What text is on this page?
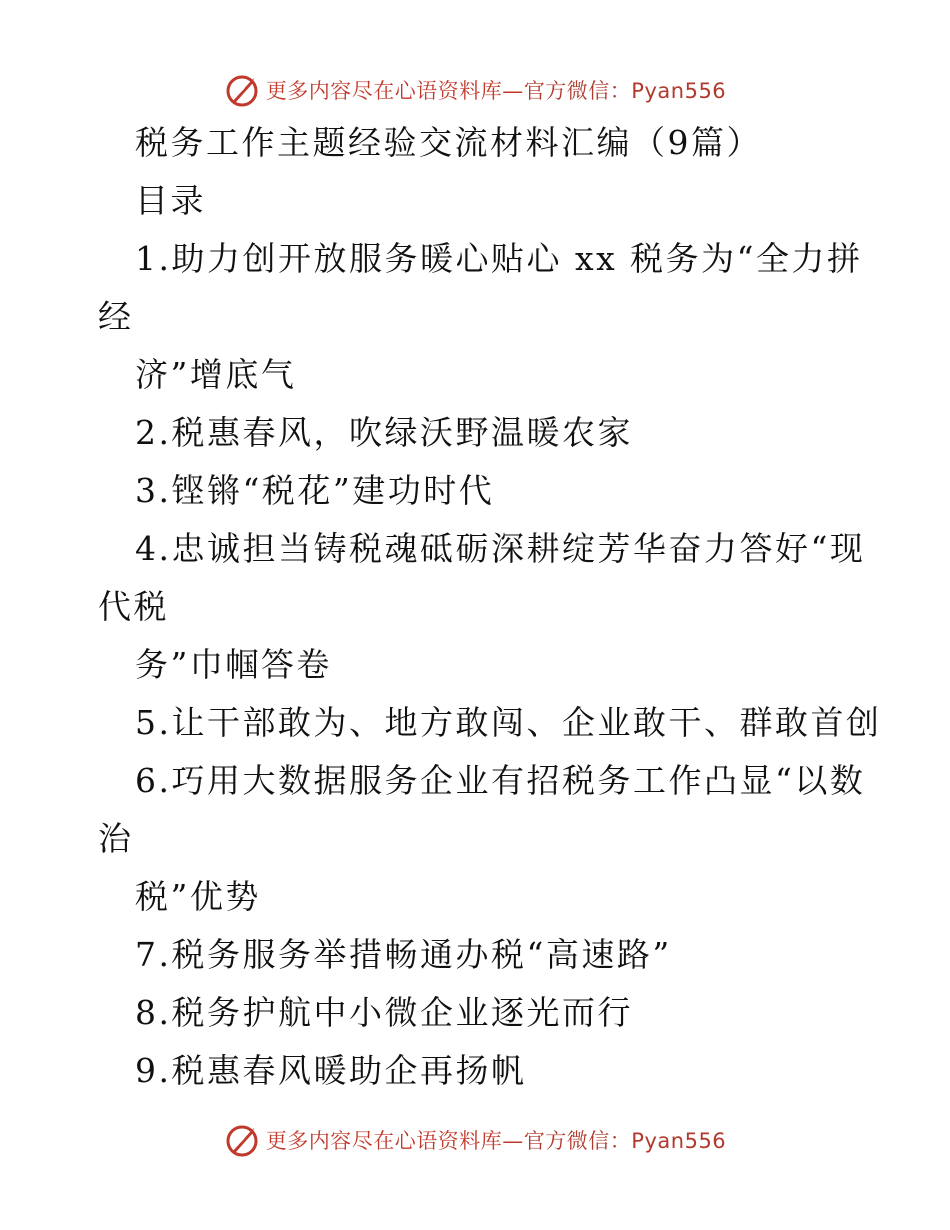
更多内容尽在心语资料库—官方微信：Pyan556
税务工作主题经验交流材料汇编（9篇）
目录
1.助力创开放服务暖心贴心 xx 税务为“全力拼
经
济”增底气
2.税惠春风，吹绿沃野温暖农家
3.铿锵“税花”建功时代
4.忠诚担当铸税魂砥砺深耕绽芳华奋力答好“现
代税
务”巾帼答卷
5.让干部敢为、地方敢闯、企业敢干、群敢首创
6.巧用大数据服务企业有招税务工作凸显“以数
治
税”优势
7.税务服务举措畅通办税“高速路”
8.税务护航中小微企业逐光而行
9.税惠春风暖助企再扬帆
更多内容尽在心语资料库—官方微信：Pyan556
